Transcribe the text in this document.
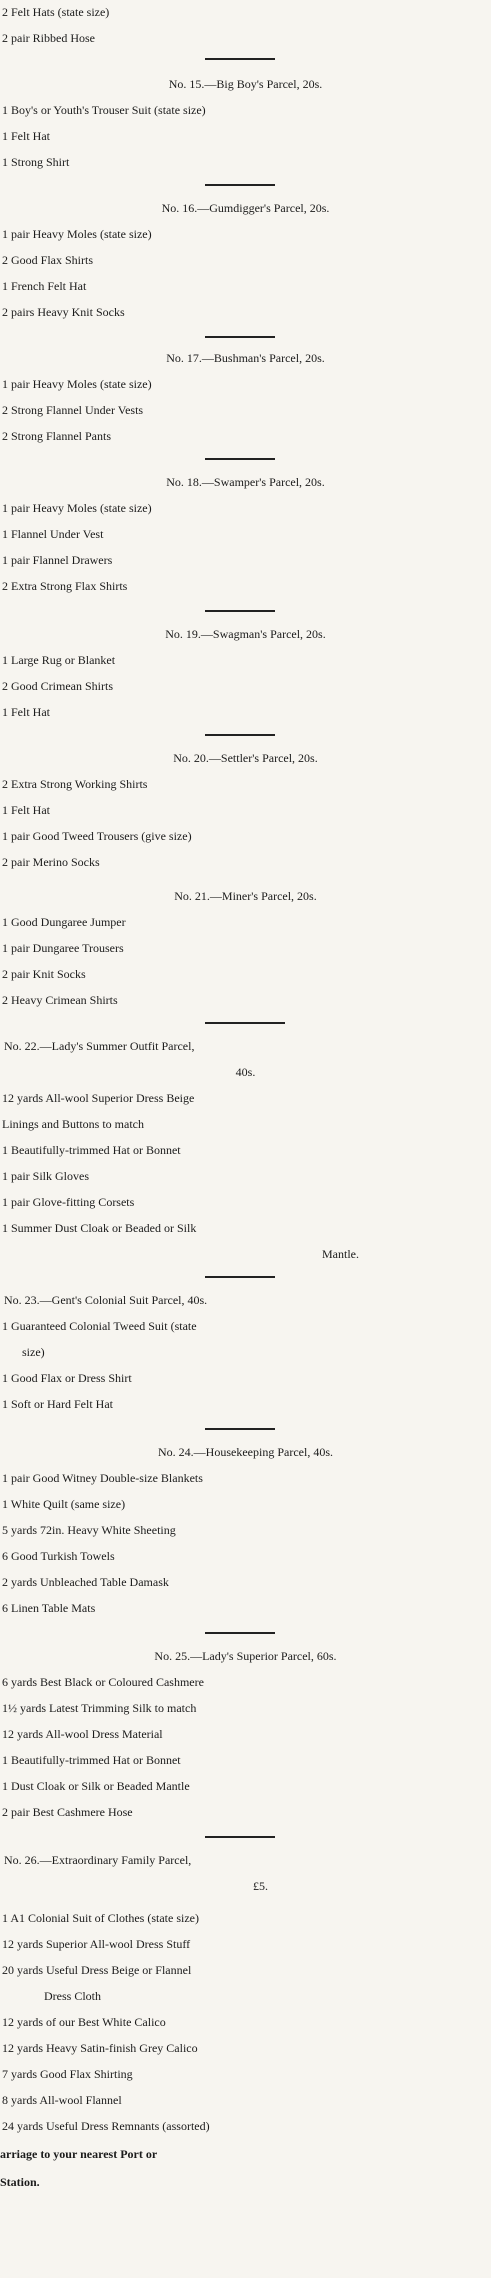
2 Felt Hats (state size)
2 pair Ribbed Hose
No. 15.—Big Boy's Parcel, 20s.
1 Boy's or Youth's Trouser Suit (state size)
1 Felt Hat
1 Strong Shirt
No. 16.—Gumdigger's Parcel, 20s.
1 pair Heavy Moles (state size)
2 Good Flax Shirts
1 French Felt Hat
2 pairs Heavy Knit Socks
No. 17.—Bushman's Parcel, 20s.
1 pair Heavy Moles (state size)
2 Strong Flannel Under Vests
2 Strong Flannel Pants
No. 18.—Swamper's Parcel, 20s.
1 pair Heavy Moles (state size)
1 Flannel Under Vest
1 pair Flannel Drawers
2 Extra Strong Flax Shirts
No. 19.—Swagman's Parcel, 20s.
1 Large Rug or Blanket
2 Good Crimean Shirts
1 Felt Hat
No. 20.—Settler's Parcel, 20s.
2 Extra Strong Working Shirts
1 Felt Hat
1 pair Good Tweed Trousers (give size)
2 pair Merino Socks
No. 21.—Miner's Parcel, 20s.
1 Good Dungaree Jumper
1 pair Dungaree Trousers
2 pair Knit Socks
2 Heavy Crimean Shirts
No. 22.—Lady's Summer Outfit Parcel,
40s.
12 yards All-wool Superior Dress Beige
Linings and Buttons to match
1 Beautifully-trimmed Hat or Bonnet
1 pair Silk Gloves
1 pair Glove-fitting Corsets
1 Summer Dust Cloak or Beaded or Silk
Mantle.
No. 23.—Gent's Colonial Suit Parcel, 40s.
1 Guaranteed Colonial Tweed Suit (state
size)
1 Good Flax or Dress Shirt
1 Soft or Hard Felt Hat
No. 24.—Housekeeping Parcel, 40s.
1 pair Good Witney Double-size Blankets
1 White Quilt (same size)
5 yards 72in. Heavy White Sheeting
6 Good Turkish Towels
2 yards Unbleached Table Damask
6 Linen Table Mats
No. 25.—Lady's Superior Parcel, 60s.
6 yards Best Black or Coloured Cashmere
1½ yards Latest Trimming Silk to match
12 yards All-wool Dress Material
1 Beautifully-trimmed Hat or Bonnet
1 Dust Cloak or Silk or Beaded Mantle
2 pair Best Cashmere Hose
No. 26.—Extraordinary Family Parcel,
£5.
1 A1 Colonial Suit of Clothes (state size)
12 yards Superior All-wool Dress Stuff
20 yards Useful Dress Beige or Flannel
Dress Cloth
12 yards of our Best White Calico
12 yards Heavy Satin-finish Grey Calico
7 yards Good Flax Shirting
8 yards All-wool Flannel
24 yards Useful Dress Remnants (assorted)
arriage to your nearest Port or
Station.
